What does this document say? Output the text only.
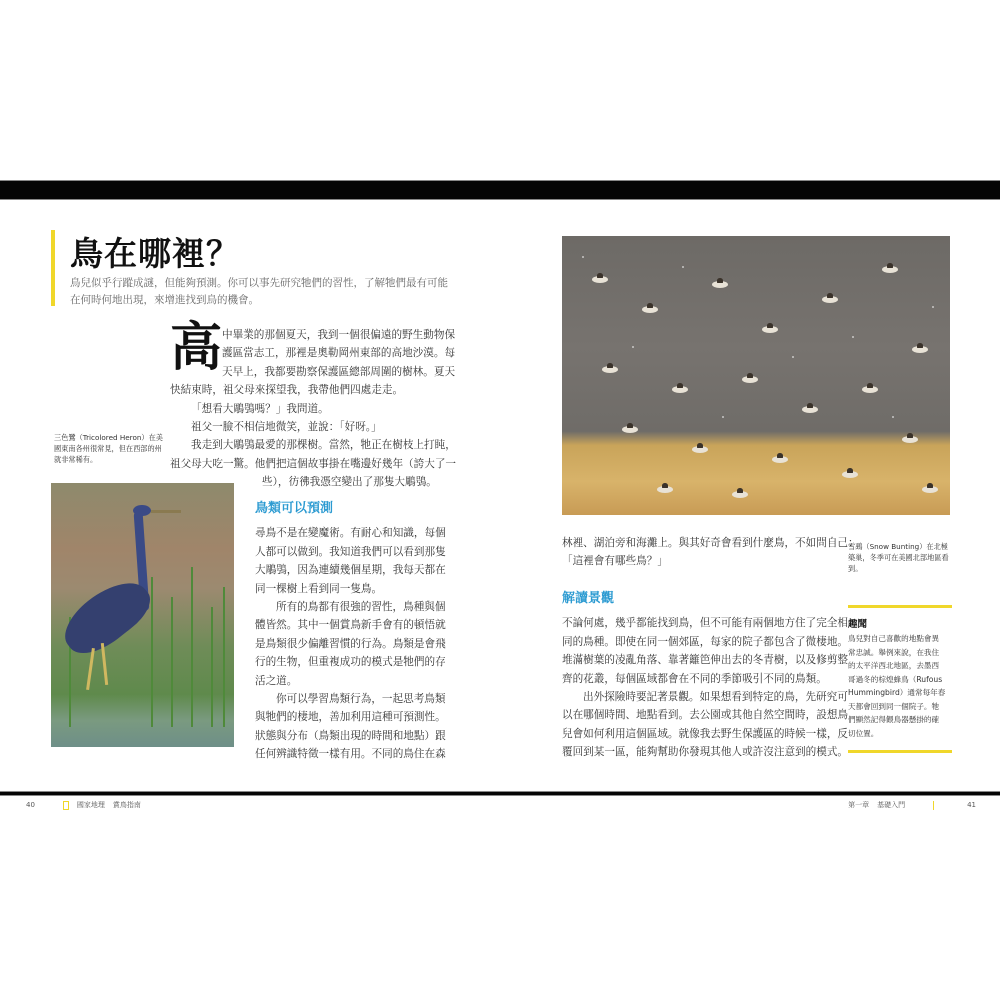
鳥在哪裡？

鳥兒似乎行蹤成謎，但能夠預測。你可以事先研究牠們的習性，了解牠們最有可能在何時何地出現，來增進找到鳥的機會。

高 中畢業的那個夏天，我到一個很偏遠的野生動物保
護區當志工，那裡是奧勒岡州東部的高地沙漠。每
天早上，我都要勘察保護區總部周圍的樹林。夏天
快結束時，祖父母來探望我，我帶他們四處走走。
「想看大鵰鴞嗎？」我問道。
祖父一臉不相信地微笑，並說：「好呀。」
我走到大鵰鴞最愛的那棵樹。當然，牠正在樹枝上打盹，
祖父母大吃一驚。他們把這個故事掛在嘴邊好幾年（誇大了一
些），彷彿我憑空變出了那隻大鵰鴞。

三色鷺（Tricolored Heron）在美國東南各州很常見，但在西部的州就非常稀有。

鳥類可以預測
尋鳥不是在變魔術。有耐心和知識，每個
人都可以做到。我知道我們可以看到那隻
大鵰鴞，因為連續幾個星期，我每天都在
同一棵樹上看到同一隻鳥。
所有的鳥都有很強的習性，鳥種與個
體皆然。其中一個賞鳥新手會有的頓悟就
是鳥類很少偏離習慣的行為。鳥類是會飛
行的生物，但重複成功的模式是牠們的存
活之道。
你可以學習鳥類行為，一起思考鳥類
與牠們的棲地，善加利用這種可預測性。
狀態與分布（鳥類出現的時間和地點）跟
任何辨識特徵一樣有用。不同的鳥住在森

雪鵐（Snow Bunting）在北極築巢，冬季可在美國北部地區看到。

林裡、湖泊旁和海灘上。與其好奇會看到什麼鳥，不如問自己：
「這裡會有哪些鳥？」
解讀景觀
不論何處，幾乎都能找到鳥，但不可能有兩個地方住了完全相
同的鳥種。即使在同一個郊區，每家的院子都包含了微棲地。
堆滿樹葉的凌亂角落、靠著籬笆伸出去的冬青樹，以及修剪整
齊的花叢，每個區域都會在不同的季節吸引不同的鳥類。
出外探險時要記著景觀。如果想看到特定的鳥，先研究可
以在哪個時間、地點看到。去公園或其他自然空間時，設想鳥
兒會如何利用這個區域。就像我去野生保護區的時候一樣，反
覆回到某一區，能夠幫助你發現其他人或許沒注意到的模式。
趣聞
鳥兒對自己喜歡的地點會異
常忠誠。舉例來說，在我住
的太平洋西北地區，去墨西
哥過冬的棕煌蜂鳥（Rufous
Hummingbird）通常每年春
天都會回到同一個院子。牠
們顯然記得餵鳥器懸掛的確
切位置。
40	國家地理 賞鳥指南	第一章 基礎入門	41
